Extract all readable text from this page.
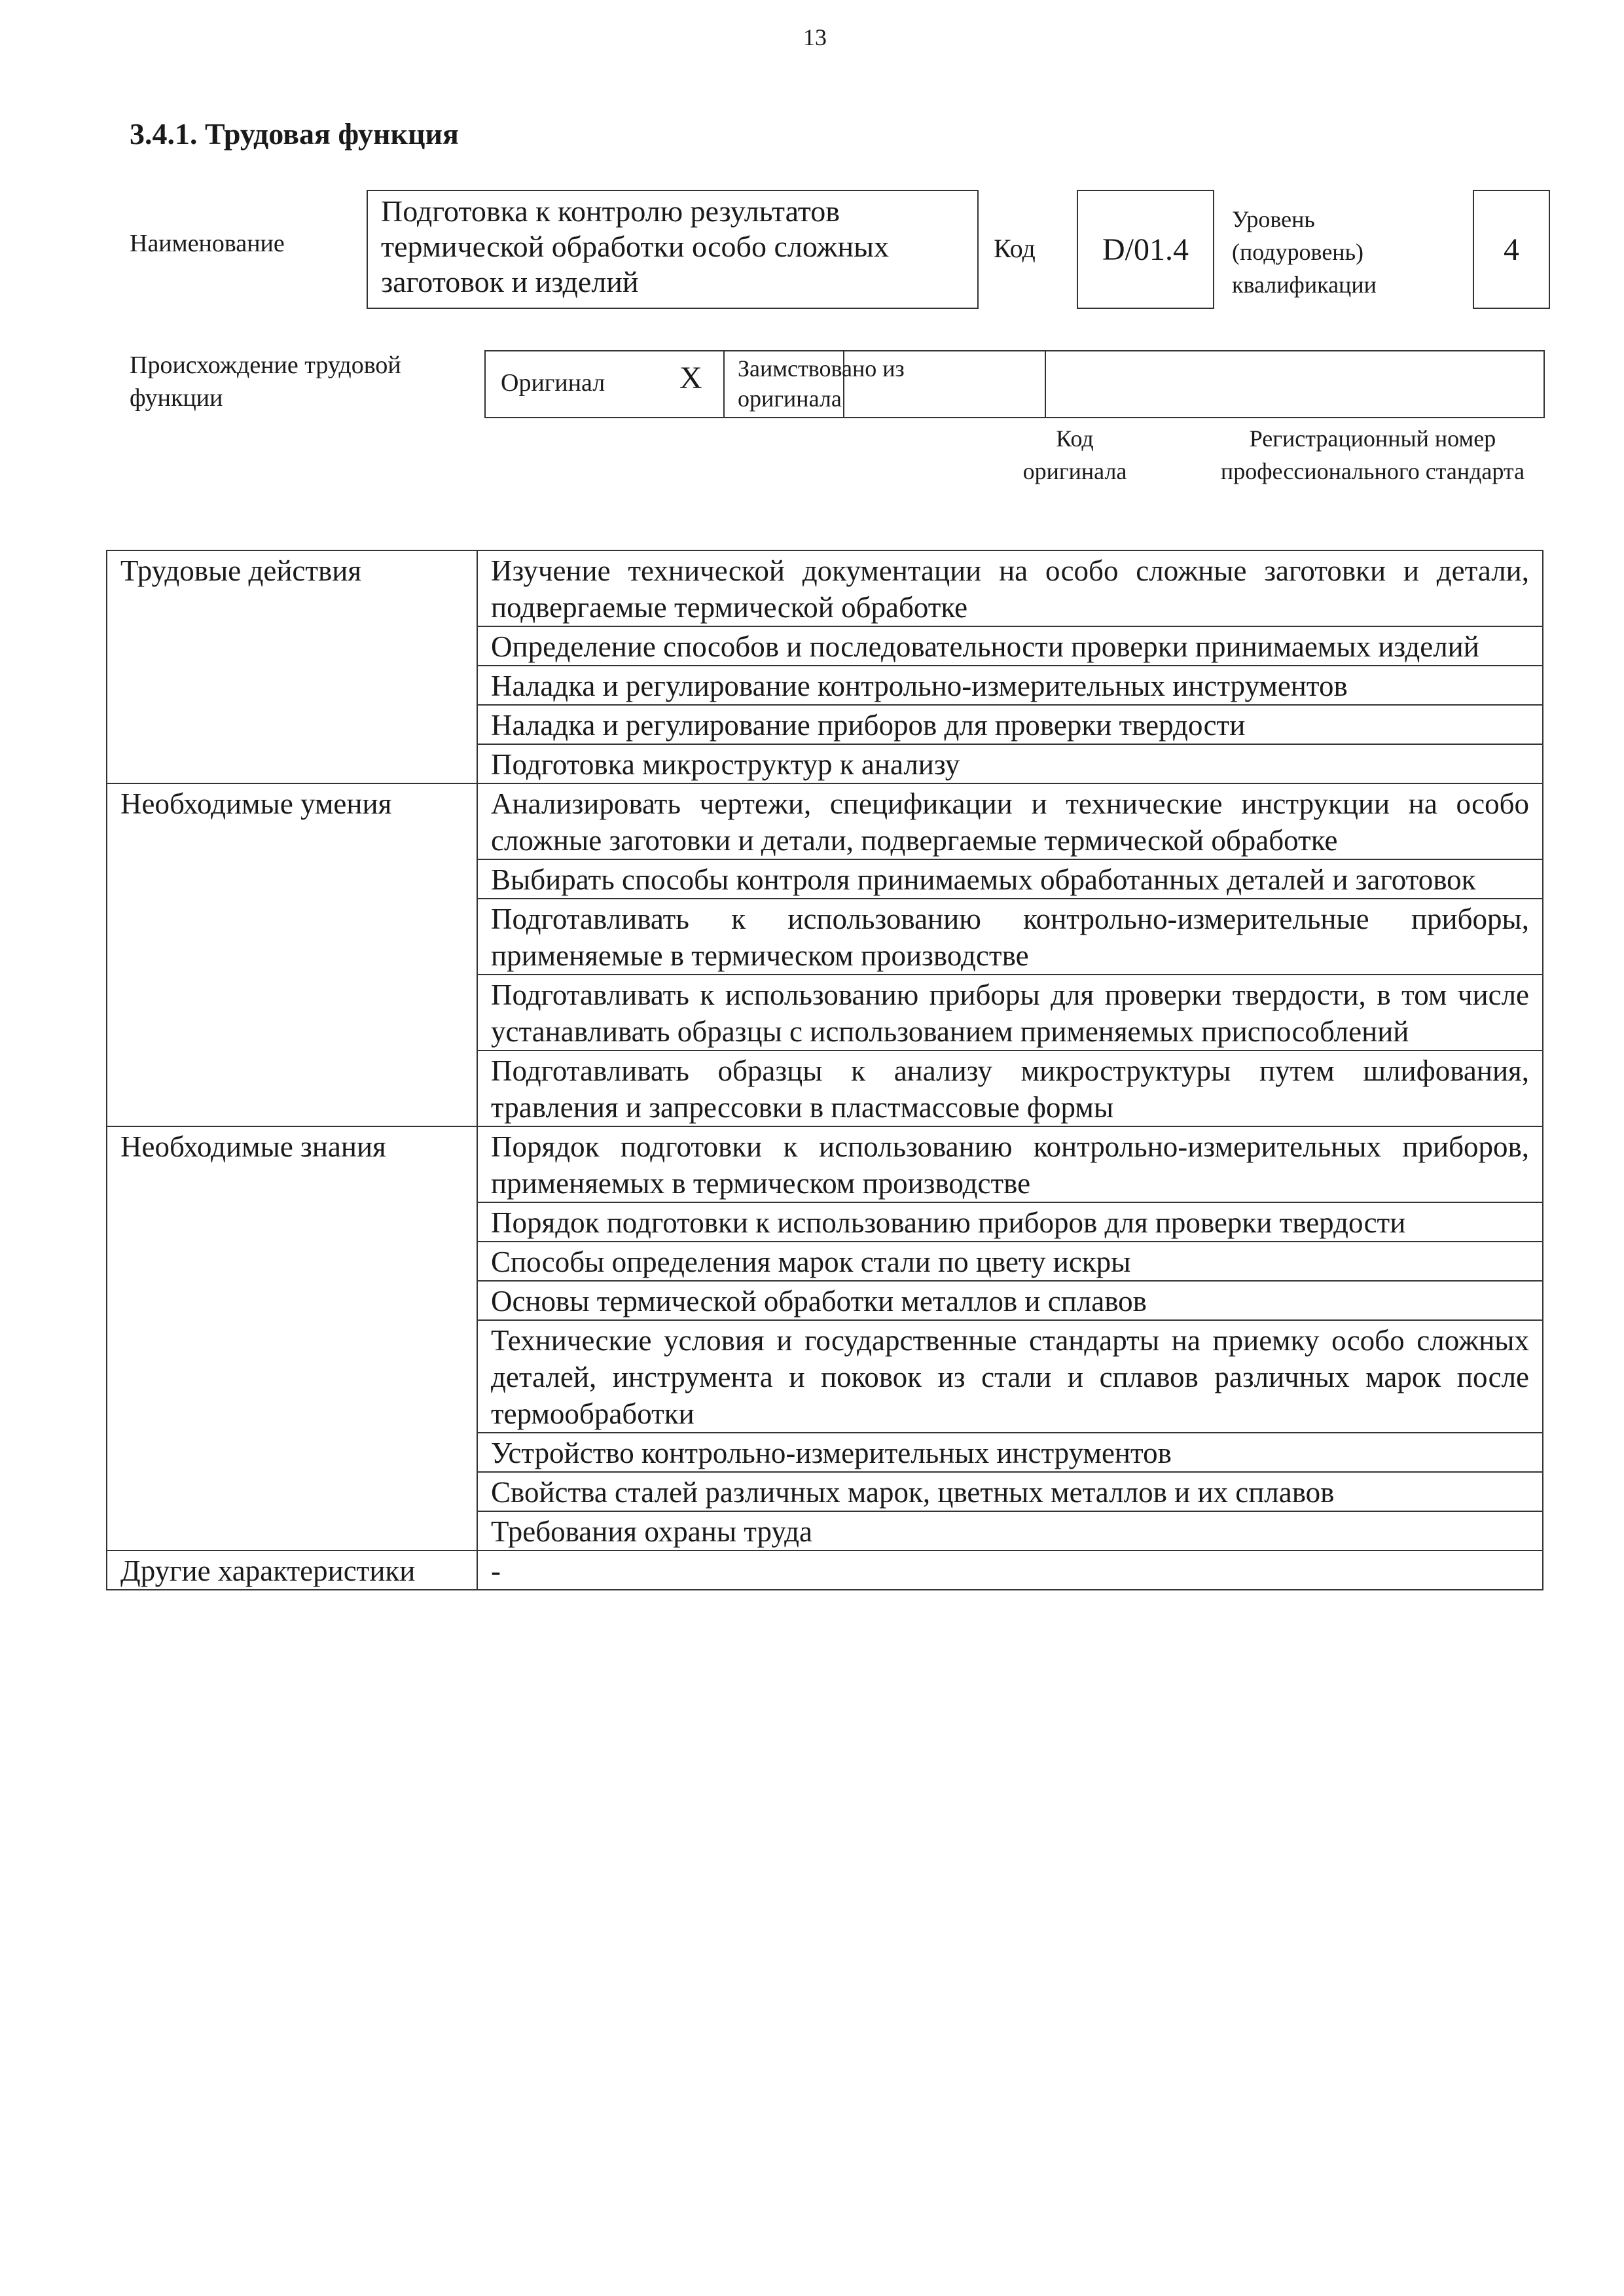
13
3.4.1. Трудовая функция
Наименование
Подготовка к контролю результатов термической обработки особо сложных заготовок и изделий
Код	D/01.4
Уровень (подуровень) квалификации
4
Происхождение трудовой функции
Оригинал X Заимствовано из оригинала
Код оригинала
Регистрационный номер профессионального стандарта
Трудовые действия	Изучение технической документации на особо сложные заготовки и детали, подвергаемые термической обработке
	Определение способов и последовательности проверки принимаемых изделий
	Наладка и регулирование контрольно-измерительных инструментов
	Наладка и регулирование приборов для проверки твердости
	Подготовка микроструктур к анализу
Необходимые умения	Анализировать чертежи, спецификации и технические инструкции на особо сложные заготовки и детали, подвергаемые термической обработке
	Выбирать способы контроля принимаемых обработанных деталей и заготовок
	Подготавливать к использованию контрольно-измерительные приборы, применяемые в термическом производстве
	Подготавливать к использованию приборы для проверки твердости, в том числе устанавливать образцы с использованием применяемых приспособлений
	Подготавливать образцы к анализу микроструктуры путем шлифования, травления и запрессовки в пластмассовые формы
Необходимые знания	Порядок подготовки к использованию контрольно-измерительных приборов, применяемых в термическом производстве
	Порядок подготовки к использованию приборов для проверки твердости
	Способы определения марок стали по цвету искры
	Основы термической обработки металлов и сплавов
	Технические условия и государственные стандарты на приемку особо сложных деталей, инструмента и поковок из стали и сплавов различных марок после термообработки
	Устройство контрольно-измерительных инструментов
	Свойства сталей различных марок, цветных металлов и их сплавов
	Требования охраны труда
Другие характеристики	-
